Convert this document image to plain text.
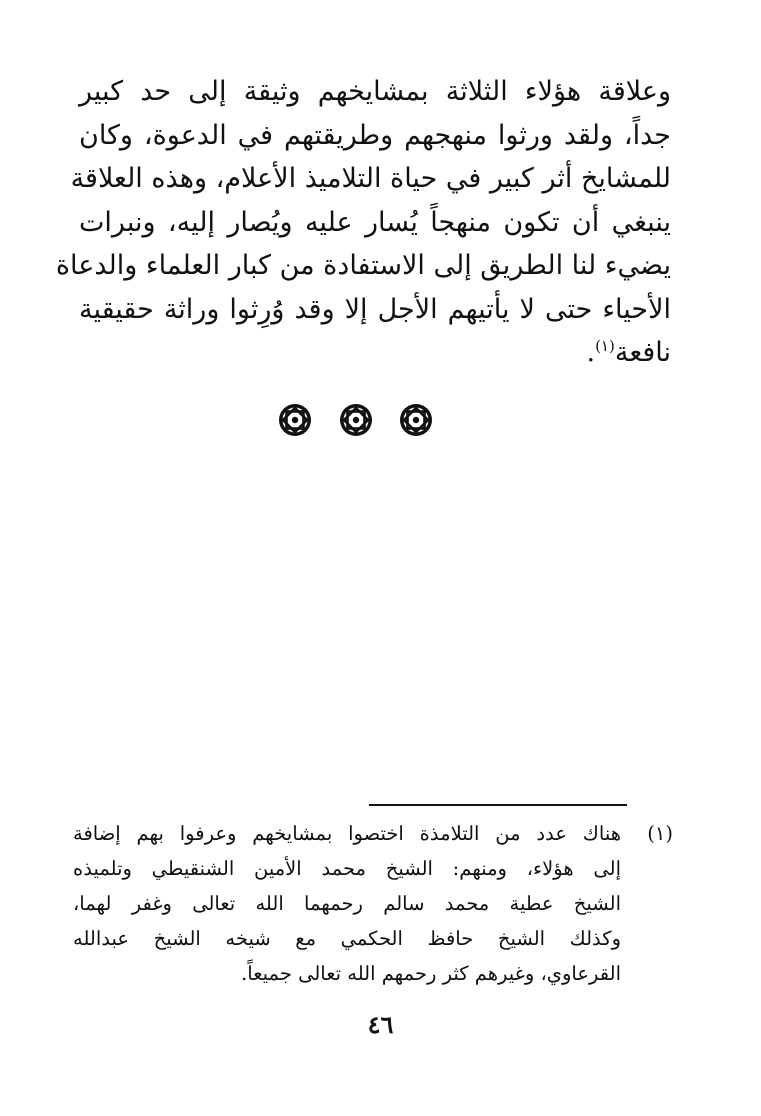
وعلاقة هؤلاء الثلاثة بمشايخهم وثيقة إلى حد كبير
جداً، ولقد ورثوا منهجهم وطريقتهم في الدعوة، وكان
للمشايخ أثر كبير في حياة التلاميذ الأعلام، وهذه العلاقة
ينبغي أن تكون منهجاً يُسار عليه ويُصار إليه، ونبرات
يضيء لنا الطريق إلى الاستفادة من كبار العلماء والدعاة
الأحياء حتى لا يأتيهم الأجل إلا وقد وُرِثوا وراثة حقيقية
نافعة$^{(١)}$.
(١)
هناك عدد من التلامذة اختصوا بمشايخهم وعرفوا بهم إضافة
إلى هؤلاء، ومنهم: الشيخ محمد الأمين الشنقيطي وتلميذه
الشيخ عطية محمد سالم رحمهما الله تعالى وغفر لهما،
وكذلك الشيخ حافظ الحكمي مع شيخه الشيخ عبدالله
القرعاوي، وغيرهم كثر رحمهم الله تعالى جميعاً.
٤٦
